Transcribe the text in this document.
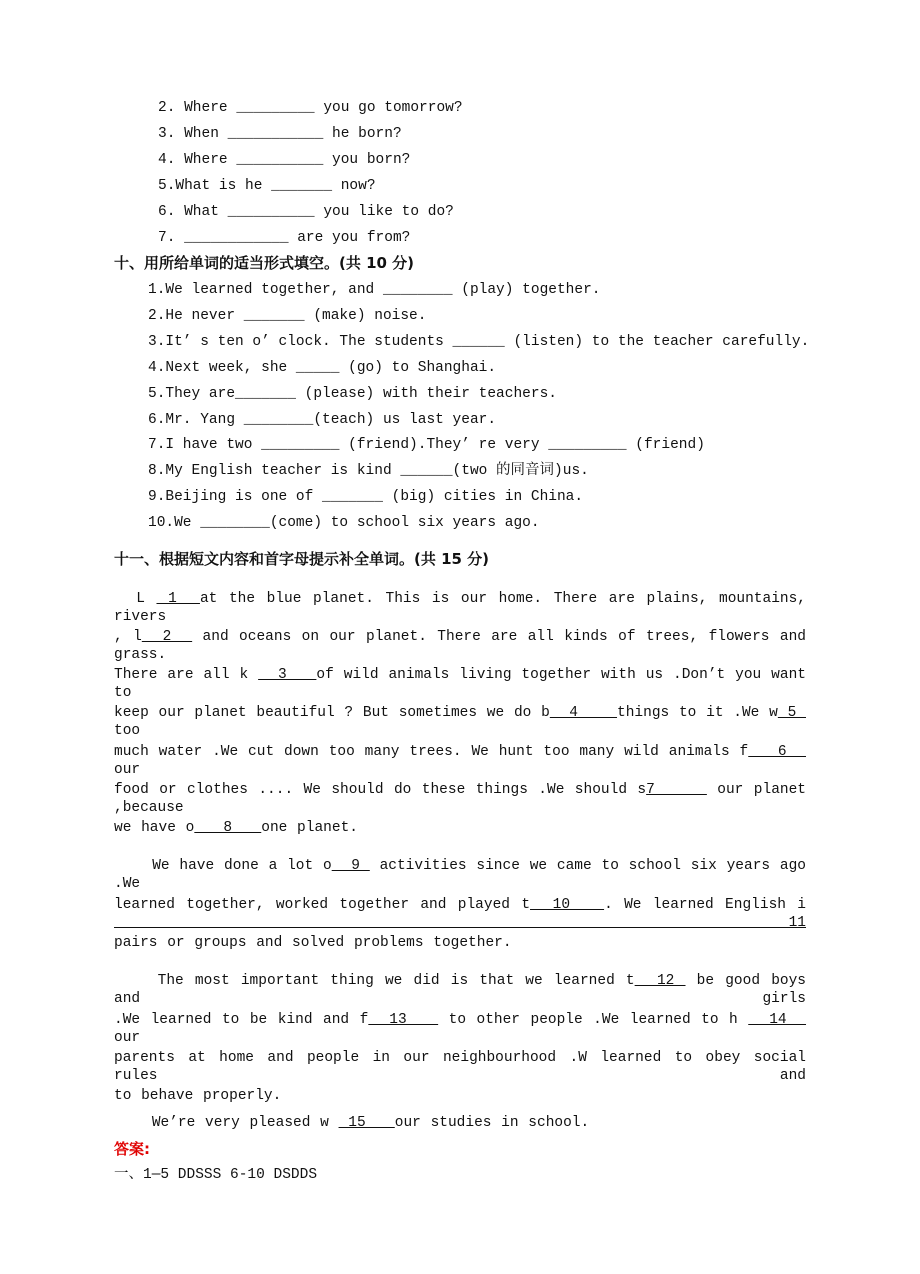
2. Where _________ you go tomorrow?
3. When ___________ he born?
4. Where __________ you born?
5.What is he _______ now?
6. What __________ you like to do?
7. ____________ are you from?
十、用所给单词的适当形式填空。(共 10 分)
1.We learned together, and ________ (play) together.
2.He never _______ (make) noise.
3.It’ s ten o’ clock. The students ______ (listen) to the teacher carefully.
4.Next week, she _____ (go) to Shanghai.
5.They are_______ (please) with their teachers.
6.Mr. Yang ________(teach) us last year.
7.I have two _________ (friend).They’ re very _________ (friend)
8.My English teacher is kind ______(two 的同音词)us.
9.Beijing is one of _______ (big) cities in China.
10.We ________(come) to school six years ago.
十一、根据短文内容和首字母提示补全单词。(共 15 分)
L  1  at the blue planet. This is our home. There are plains, mountains, rivers
, l  2   and oceans on our planet. There are all kinds of trees, flowers and grass.
There are all k   3   of wild animals living together with us .Don’t you want to
keep our planet beautiful ? But sometimes we do b  4    things to it .We w 5  too
much water .We cut down too many trees. We hunt too many wild animals f   6   our
food or clothes .... We should do these things .We should s7      our planet ,because
we have o   8   one planet.
We have done a lot o  9  activities since we came to school six years ago .We
learned together, worked together and played t  10   . We learned English i  11
pairs or groups and solved problems together.
The most important thing we did is that we learned t  12  be good boys and girls
.We learned to be kind and f  13    to other people .We learned to h   14    our
parents at home and people in our neighbourhood .W learned to obey social rules and
to behave properly.
We’re very pleased w  15   our studies in school.
答案:
一、1—5 DDSSS 6-10 DSDDS
